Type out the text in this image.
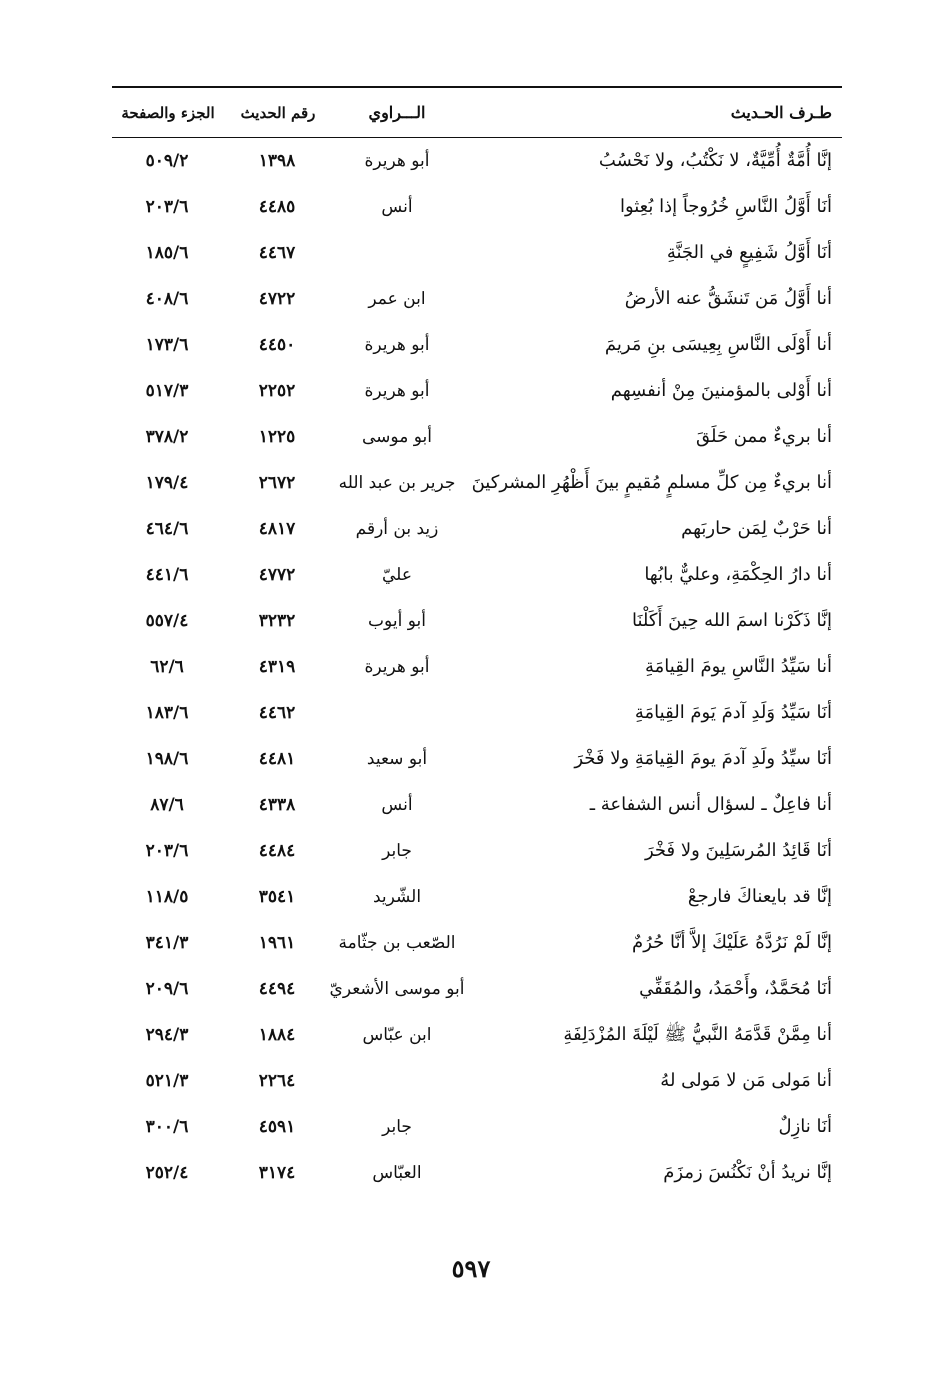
طـرف الحـديث
الـــراوي
رقم الحديث
الجزء والصفحة
إنَّا أُمَّةٌ أُمِّيَّةٌ، لا نَكْتُبُ، ولا نَحْسُبُ
أبو هريرة
١٣٩٨
٥٠٩/٢
أنَا أَوَّلُ النَّاسِ خُرُوجاً إذا بُعِثوا
أنس
٤٤٨٥
٢٠٣/٦
أنَا أَوَّلُ شَفِيعٍ في الجَنَّةِ
٤٤٦٧
١٨٥/٦
أنا أَوَّلُ مَن تَنشَقُّ عنه الأرضُ
ابن عمر
٤٧٢٢
٤٠٨/٦
أنا أَوْلَى النَّاسِ بِعِيسَى بنِ مَريمَ
أبو هريرة
٤٤٥٠
١٧٣/٦
أنا أَوْلى بالمؤمنينَ مِنْ أنفسِهم
أبو هريرة
٢٢٥٢
٥١٧/٣
أنا بريءٌ ممن حَلَقَ
أبو موسى
١٢٢٥
٣٧٨/٢
أنا بريءٌ مِن كلِّ مسلمٍ مُقيمٍ بينَ أَظْهُرِ المشركينَ
جرير بن عبد الله
٢٦٧٢
١٧٩/٤
أنا حَرْبٌ لِمَن حاربَهم
زيد بن أرقم
٤٨١٧
٤٦٤/٦
أنا دارُ الحِكْمَةِ، وعليٌّ بابُها
عليّ
٤٧٧٢
٤٤١/٦
إنَّا ذَكَرْنا اسمَ الله حِينَ أَكَلْنَا
أبو أيوب
٣٢٣٢
٥٥٧/٤
أنا سَيِّدُ النَّاسِ يومَ القِيامَةِ
أبو هريرة
٤٣١٩
٦٢/٦
أنَا سَيِّدُ وَلَدِ آدمَ يَومَ القِيامَةِ
٤٤٦٢
١٨٣/٦
أنَا سيِّدُ ولَدِ آدمَ يومَ القِيامَةِ ولا فَخْرَ
أبو سعيد
٤٤٨١
١٩٨/٦
أنا فاعِلٌ ـ لسؤال أنس الشفاعة ـ
أنس
٤٣٣٨
٨٧/٦
أنَا قَائِدُ المُرسَلِينَ ولا فَخْرَ
جابر
٤٤٨٤
٢٠٣/٦
إنَّا قد بايعناكَ فارجعْ
الشّريد
٣٥٤١
١١٨/٥
إنَّا لَمْ نَرُدَّهُ عَلَيْكَ إلاَّ أنَّا حُرُمٌ
الصّعب بن جثّامة
١٩٦١
٣٤١/٣
أنَا مُحَمَّدٌ، وأَحْمَدُ، والمُقَفِّي
أبو موسى الأشعريّ
٤٤٩٤
٢٠٩/٦
أنا مِمَّنْ قَدَّمَهُ النَّبيُّ ﷺ لَيْلَةَ المُزْدَلِفَةِ
ابن عبّاس
١٨٨٤
٢٩٤/٣
أنا مَولى مَن لا مَولى لهُ
٢٢٦٤
٥٢١/٣
أنَا نازِلٌ
جابر
٤٥٩١
٣٠٠/٦
إنَّا نريدُ أنْ نَكْنُسَ زمزَمَ
العبّاس
٣١٧٤
٢٥٢/٤
٥٩٧
